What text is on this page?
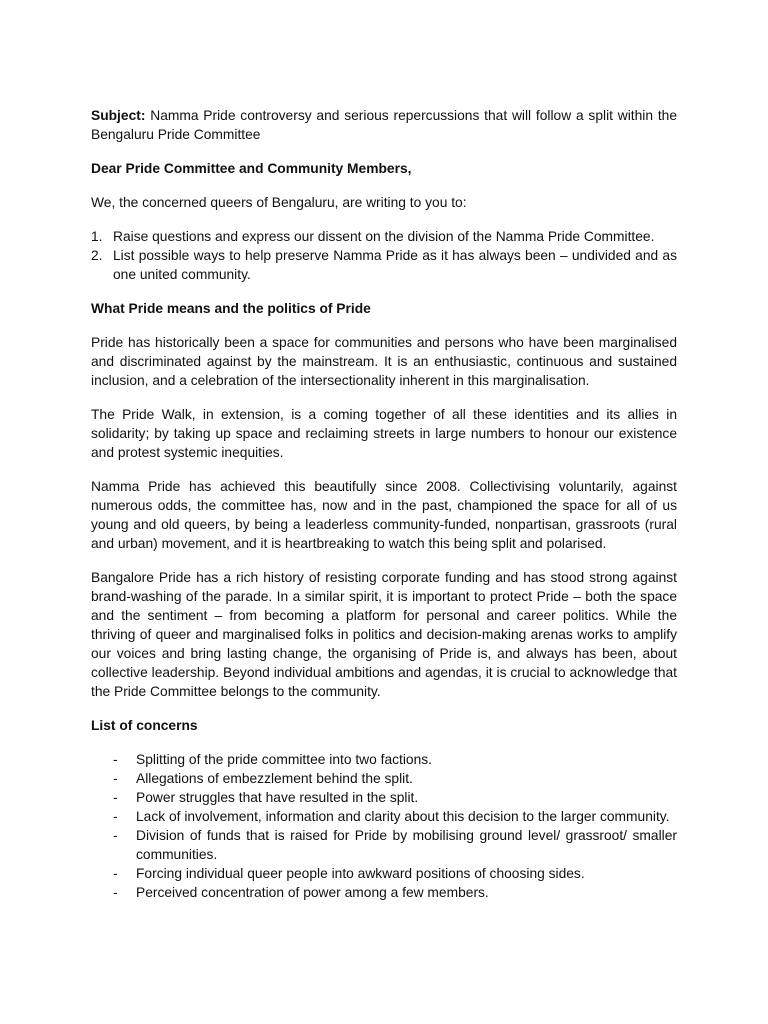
Subject: Namma Pride controversy and serious repercussions that will follow a split within the Bengaluru Pride Committee

Dear Pride Committee and Community Members,

We, the concerned queers of Bengaluru, are writing to you to:

1. Raise questions and express our dissent on the division of the Namma Pride Committee.
2. List possible ways to help preserve Namma Pride as it has always been – undivided and as one united community.

What Pride means and the politics of Pride

Pride has historically been a space for communities and persons who have been marginalised and discriminated against by the mainstream. It is an enthusiastic, continuous and sustained inclusion, and a celebration of the intersectionality inherent in this marginalisation.

The Pride Walk, in extension, is a coming together of all these identities and its allies in solidarity; by taking up space and reclaiming streets in large numbers to honour our existence and protest systemic inequities.

Namma Pride has achieved this beautifully since 2008. Collectivising voluntarily, against numerous odds, the committee has, now and in the past, championed the space for all of us young and old queers, by being a leaderless community-funded, nonpartisan, grassroots (rural and urban) movement, and it is heartbreaking to watch this being split and polarised.

Bangalore Pride has a rich history of resisting corporate funding and has stood strong against brand-washing of the parade. In a similar spirit, it is important to protect Pride – both the space and the sentiment – from becoming a platform for personal and career politics. While the thriving of queer and marginalised folks in politics and decision-making arenas works to amplify our voices and bring lasting change, the organising of Pride is, and always has been, about collective leadership. Beyond individual ambitions and agendas, it is crucial to acknowledge that the Pride Committee belongs to the community.

List of concerns

-	Splitting of the pride committee into two factions.
-	Allegations of embezzlement behind the split.
-	Power struggles that have resulted in the split.
-	Lack of involvement, information and clarity about this decision to the larger community.
-	Division of funds that is raised for Pride by mobilising ground level/ grassroot/ smaller communities.
-	Forcing individual queer people into awkward positions of choosing sides.
-	Perceived concentration of power among a few members.
